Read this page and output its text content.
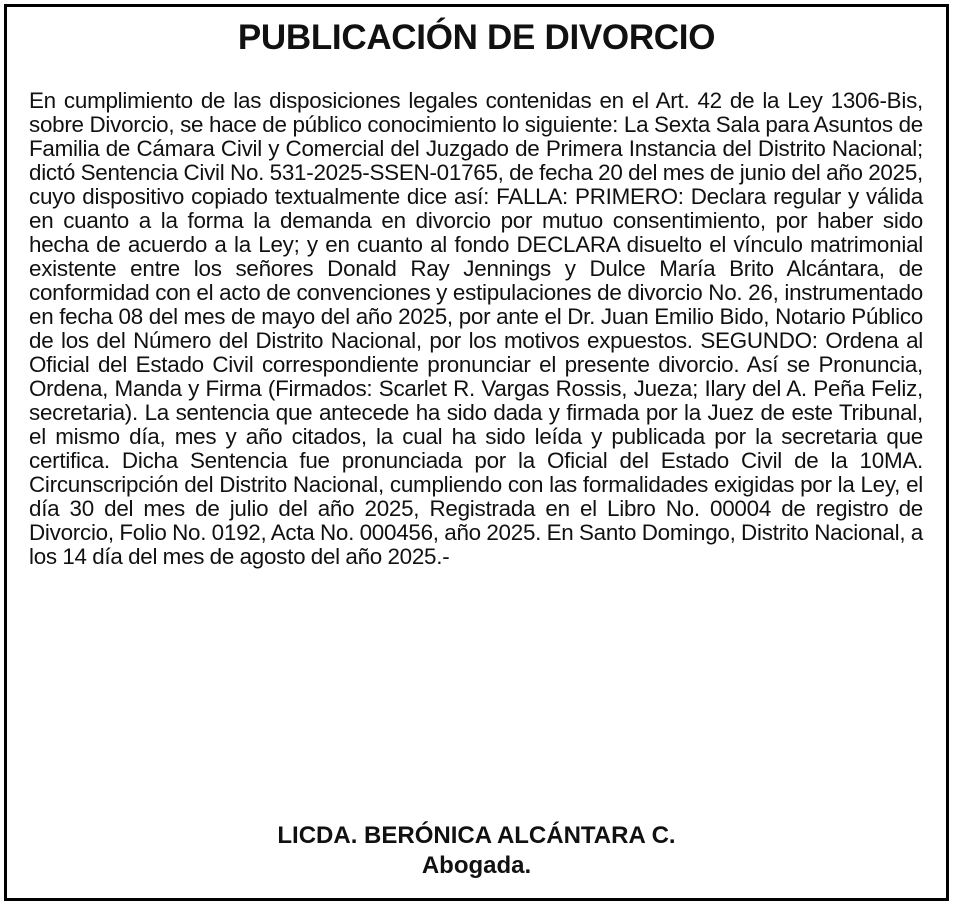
PUBLICACIÓN DE DIVORCIO

En cumplimiento de las disposiciones legales contenidas en el Art. 42 de la Ley 1306-Bis, sobre Divorcio, se hace de público conocimiento lo siguiente: La Sexta Sala para Asuntos de Familia de Cámara Civil y Comercial del Juzgado de Primera Instancia del Distrito Nacional; dictó Sentencia Civil No. 531-2025-SSEN-01765, de fecha 20 del mes de junio del año 2025, cuyo dispositivo copiado textualmente dice así: FALLA: PRIMERO: Declara regular y válida en cuanto a la forma la demanda en divorcio por mutuo consentimiento, por haber sido hecha de acuerdo a la Ley; y en cuanto al fondo DECLARA disuelto el vínculo matrimonial existente entre los señores Donald Ray Jennings y Dulce María Brito Alcántara, de conformidad con el acto de convenciones y estipulaciones de divorcio No. 26, instrumentado en fecha 08 del mes de mayo del año 2025, por ante el Dr. Juan Emilio Bido, Notario Público de los del Número del Distrito Nacional, por los motivos expuestos. SEGUNDO: Ordena al Oficial del Estado Civil correspondiente pronunciar el presente divorcio. Así se Pronuncia, Ordena, Manda y Firma (Firmados: Scarlet R. Vargas Rossis, Jueza; Ilary del A. Peña Feliz, secretaria). La sentencia que antecede ha sido dada y firmada por la Juez de este Tribunal, el mismo día, mes y año citados, la cual ha sido leída y publicada por la secretaria que certifica. Dicha Sentencia fue pronunciada por la Oficial del Estado Civil de la 10MA. Circunscripción del Distrito Nacional, cumpliendo con las formalidades exigidas por la Ley, el día 30 del mes de julio del año 2025, Registrada en el Libro No. 00004 de registro de Divorcio, Folio No. 0192, Acta No. 000456, año 2025. En Santo Domingo, Distrito Nacional, a los 14 día del mes de agosto del año 2025.-

LICDA. BERÓNICA ALCÁNTARA C.
Abogada.
